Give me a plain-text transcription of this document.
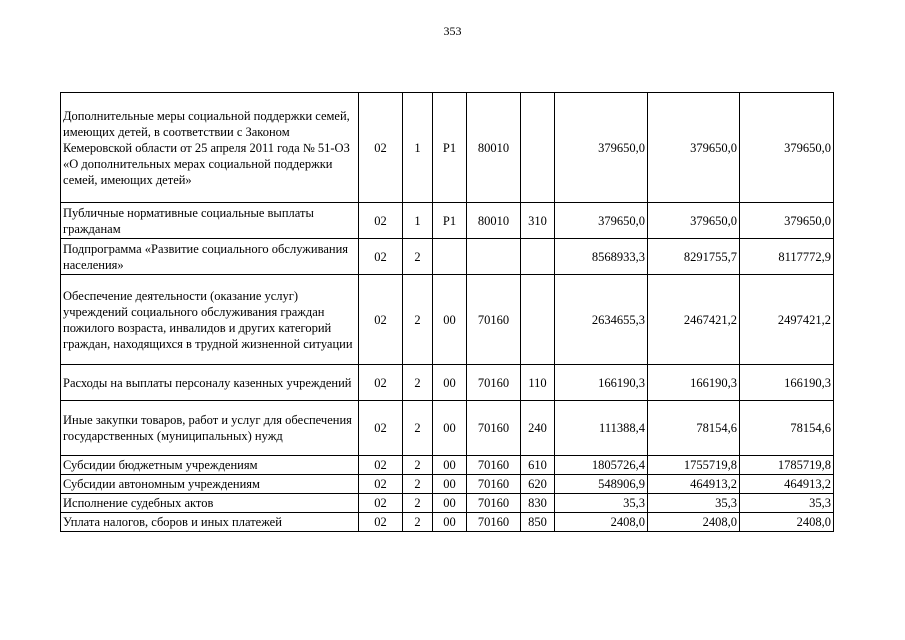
353
Дополнительные меры социальной поддержки семей, имеющих детей, в соответствии с Законом Кемеровской области от 25 апреля 2011 года № 51-ОЗ «О дополнительных мерах социальной поддержки семей, имеющих детей»	02	1	P1	80010		379650,0	379650,0	379650,0
Публичные нормативные социальные выплаты гражданам	02	1	P1	80010	310	379650,0	379650,0	379650,0
Подпрограмма «Развитие социального обслуживания населения»	02	2				8568933,3	8291755,7	8117772,9
Обеспечение деятельности (оказание услуг) учреждений социального обслуживания граждан пожилого возраста, инвалидов и других категорий граждан, находящихся в трудной жизненной ситуации	02	2	00	70160		2634655,3	2467421,2	2497421,2
Расходы на выплаты персоналу казенных учреждений	02	2	00	70160	110	166190,3	166190,3	166190,3
Иные закупки товаров, работ и услуг для обеспечения государственных (муниципальных) нужд	02	2	00	70160	240	111388,4	78154,6	78154,6
Субсидии бюджетным учреждениям	02	2	00	70160	610	1805726,4	1755719,8	1785719,8
Субсидии автономным учреждениям	02	2	00	70160	620	548906,9	464913,2	464913,2
Исполнение судебных актов	02	2	00	70160	830	35,3	35,3	35,3
Уплата налогов, сборов и иных платежей	02	2	00	70160	850	2408,0	2408,0	2408,0
